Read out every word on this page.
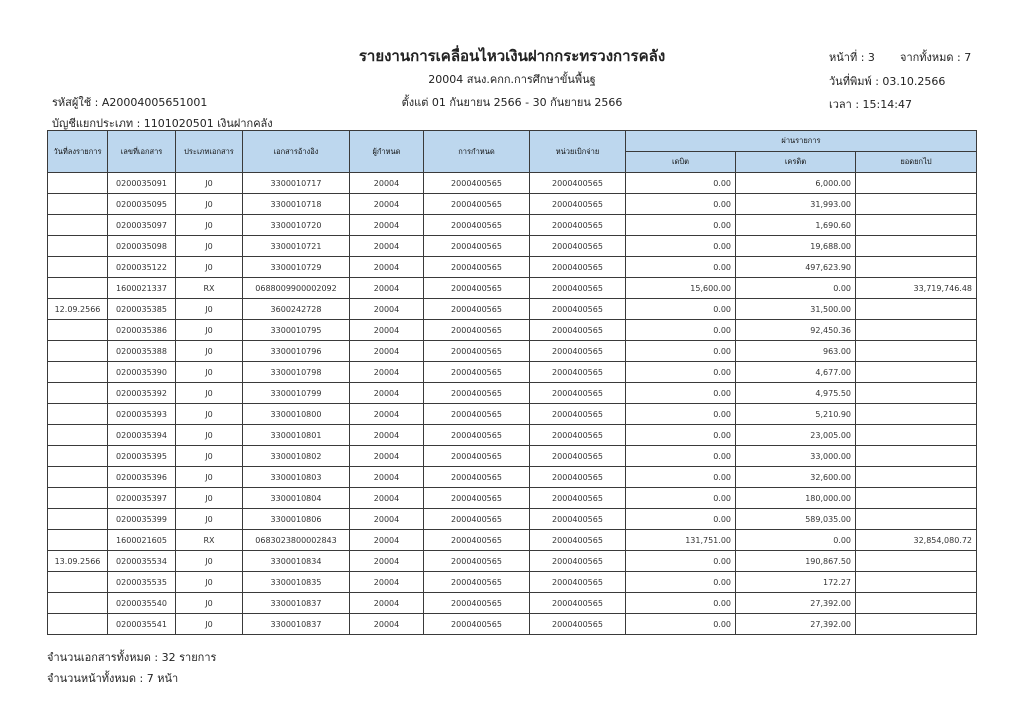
รายงานการเคลื่อนไหวเงินฝากกระทรวงการคลัง
20004 สนง.คกก.การศึกษาขั้นพื้นฐ
ตั้งแต่ 01 กันยายน 2566 - 30 กันยายน 2566
รหัสผู้ใช้ : A20004005651001
บัญชีแยกประเภท : 1101020501 เงินฝากคลัง
หน้าที่ : 3 จากทั้งหมด : 7
วันที่พิมพ์ : 03.10.2566
เวลา : 15:14:47
วันที่ลงรายการ	เลขที่เอกสาร	ประเภทเอกสาร	เอกสารอ้างอิง	ผู้กำหนด	การกำหนด	หน่วยเบิกจ่าย	ผ่านรายการ		
							เดบิต	เครดิต	ยอดยกไป
	0200035091	J0	3300010717	20004	2000400565	2000400565	0.00	6,000.00	
	0200035095	J0	3300010718	20004	2000400565	2000400565	0.00	31,993.00	
	0200035097	J0	3300010720	20004	2000400565	2000400565	0.00	1,690.60	
	0200035098	J0	3300010721	20004	2000400565	2000400565	0.00	19,688.00	
	0200035122	J0	3300010729	20004	2000400565	2000400565	0.00	497,623.90	
	1600021337	RX	0688009900002092	20004	2000400565	2000400565	15,600.00	0.00	33,719,746.48
12.09.2566	0200035385	J0	3600242728	20004	2000400565	2000400565	0.00	31,500.00	
	0200035386	J0	3300010795	20004	2000400565	2000400565	0.00	92,450.36	
	0200035388	J0	3300010796	20004	2000400565	2000400565	0.00	963.00	
	0200035390	J0	3300010798	20004	2000400565	2000400565	0.00	4,677.00	
	0200035392	J0	3300010799	20004	2000400565	2000400565	0.00	4,975.50	
	0200035393	J0	3300010800	20004	2000400565	2000400565	0.00	5,210.90	
	0200035394	J0	3300010801	20004	2000400565	2000400565	0.00	23,005.00	
	0200035395	J0	3300010802	20004	2000400565	2000400565	0.00	33,000.00	
	0200035396	J0	3300010803	20004	2000400565	2000400565	0.00	32,600.00	
	0200035397	J0	3300010804	20004	2000400565	2000400565	0.00	180,000.00	
	0200035399	J0	3300010806	20004	2000400565	2000400565	0.00	589,035.00	
	1600021605	RX	0683023800002843	20004	2000400565	2000400565	131,751.00	0.00	32,854,080.72
13.09.2566	0200035534	J0	3300010834	20004	2000400565	2000400565	0.00	190,867.50	
	0200035535	J0	3300010835	20004	2000400565	2000400565	0.00	172.27	
	0200035540	J0	3300010837	20004	2000400565	2000400565	0.00	27,392.00	
	0200035541	J0	3300010837	20004	2000400565	2000400565	0.00	27,392.00	
จำนวนเอกสารทั้งหมด : 32 รายการ
จำนวนหน้าทั้งหมด : 7 หน้า
